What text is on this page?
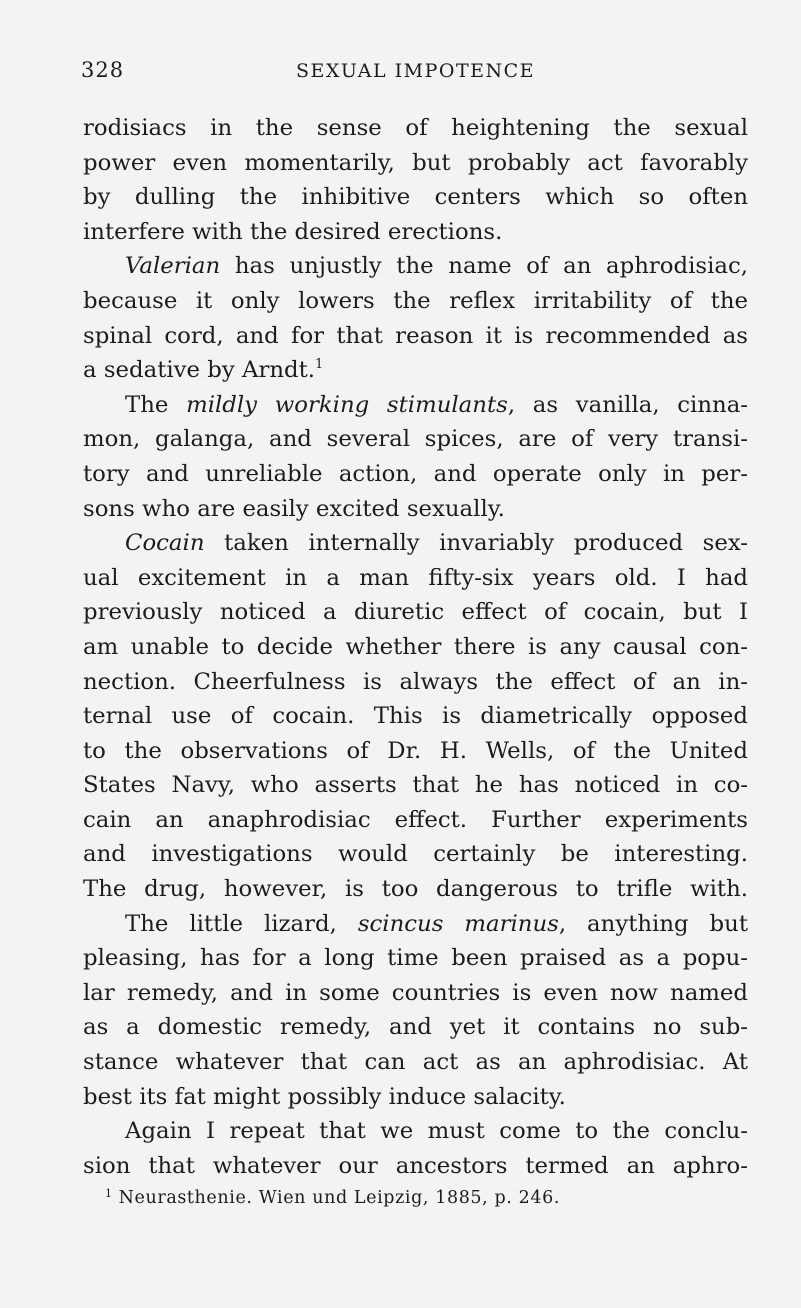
328	SEXUAL IMPOTENCE
rodisiacs in the sense of heightening the sexual
power even momentarily, but probably act favorably
by dulling the inhibitive centers which so often
interfere with the desired erections.
Valerian has unjustly the name of an aphrodisiac,
because it only lowers the reflex irritability of the
spinal cord, and for that reason it is recommended as
a sedative by Arndt.$^1$
The mildly working stimulants, as vanilla, cinna-
mon, galanga, and several spices, are of very transi-
tory and unreliable action, and operate only in per-
sons who are easily excited sexually.
Cocain taken internally invariably produced sex-
ual excitement in a man fifty-six years old. I had
previously noticed a diuretic effect of cocain, but I
am unable to decide whether there is any causal con-
nection. Cheerfulness is always the effect of an in-
ternal use of cocain. This is diametrically opposed
to the observations of Dr. H. Wells, of the United
States Navy, who asserts that he has noticed in co-
cain an anaphrodisiac effect. Further experiments
and investigations would certainly be interesting.
The drug, however, is too dangerous to trifle with.
The little lizard, scincus marinus, anything but
pleasing, has for a long time been praised as a popu-
lar remedy, and in some countries is even now named
as a domestic remedy, and yet it contains no sub-
stance whatever that can act as an aphrodisiac. At
best its fat might possibly induce salacity.
Again I repeat that we must come to the conclu-
sion that whatever our ancestors termed an aphro-
$^1$ Neurasthenie. Wien und Leipzig, 1885, p. 246.
